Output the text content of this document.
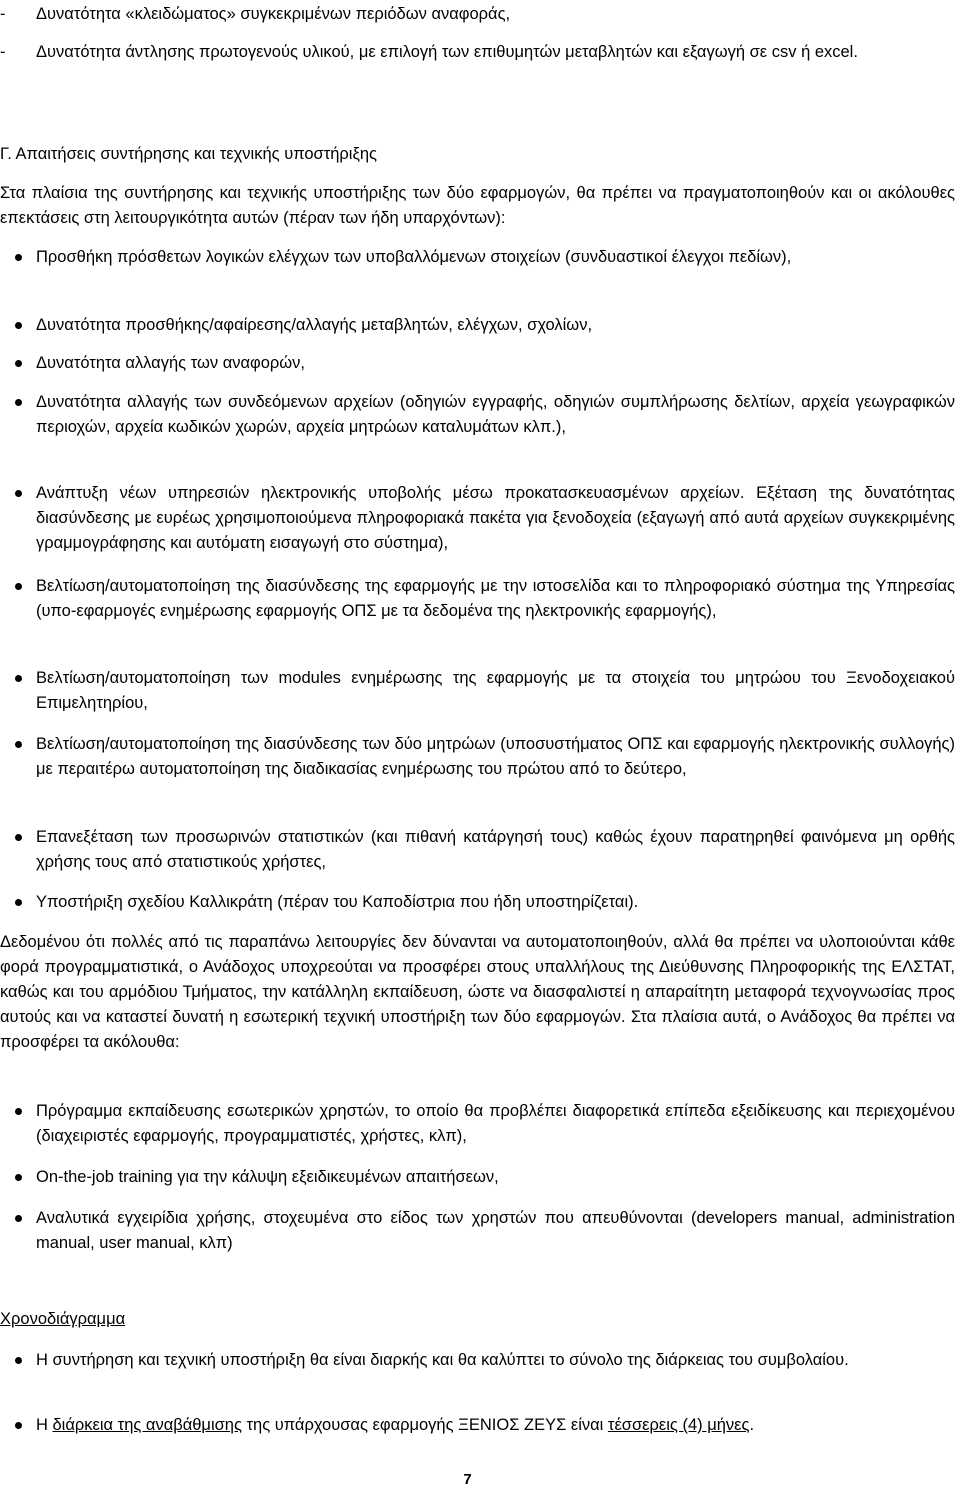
- Δυνατότητα «κλειδώματος» συγκεκριμένων περιόδων αναφοράς,
- Δυνατότητα άντλησης πρωτογενούς υλικού, με επιλογή των επιθυμητών μεταβλητών και εξαγωγή σε csv ή excel.
Γ. Απαιτήσεις συντήρησης και τεχνικής υποστήριξης
Στα πλαίσια της συντήρησης και τεχνικής υποστήριξης των δύο εφαρμογών, θα πρέπει να πραγματοποιηθούν και οι ακόλουθες επεκτάσεις στη λειτουργικότητα αυτών (πέραν των ήδη υπαρχόντων):
Προσθήκη πρόσθετων λογικών ελέγχων των υποβαλλόμενων στοιχείων (συνδυαστικοί έλεγχοι πεδίων),
Δυνατότητα προσθήκης/αφαίρεσης/αλλαγής μεταβλητών, ελέγχων, σχολίων,
Δυνατότητα αλλαγής των αναφορών,
Δυνατότητα αλλαγής των συνδεόμενων αρχείων (οδηγιών εγγραφής, οδηγιών συμπλήρωσης δελτίων, αρχεία γεωγραφικών περιοχών, αρχεία κωδικών χωρών, αρχεία μητρώων καταλυμάτων κλπ.),
Ανάπτυξη νέων υπηρεσιών ηλεκτρονικής υποβολής μέσω προκατασκευασμένων αρχείων. Εξέταση της δυνατότητας διασύνδεσης με ευρέως χρησιμοποιούμενα πληροφοριακά πακέτα για ξενοδοχεία (εξαγωγή από αυτά αρχείων συγκεκριμένης γραμμογράφησης και αυτόματη εισαγωγή στο σύστημα),
Βελτίωση/αυτοματοποίηση της διασύνδεσης της εφαρμογής με την ιστοσελίδα και το πληροφοριακό σύστημα της Υπηρεσίας (υπο-εφαρμογές ενημέρωσης εφαρμογής ΟΠΣ με τα δεδομένα της ηλεκτρονικής εφαρμογής),
Βελτίωση/αυτοματοποίηση των modules ενημέρωσης της εφαρμογής με τα στοιχεία του μητρώου του Ξενοδοχειακού Επιμελητηρίου,
Βελτίωση/αυτοματοποίηση της διασύνδεσης των δύο μητρώων (υποσυστήματος ΟΠΣ και εφαρμογής ηλεκτρονικής συλλογής) με περαιτέρω αυτοματοποίηση της διαδικασίας ενημέρωσης του πρώτου από το δεύτερο,
Επανεξέταση των προσωρινών στατιστικών (και πιθανή κατάργησή τους) καθώς έχουν παρατηρηθεί φαινόμενα μη ορθής χρήσης τους από στατιστικούς χρήστες,
Υποστήριξη σχεδίου Καλλικράτη (πέραν του Καποδίστρια που ήδη υποστηρίζεται).
Δεδομένου ότι πολλές από τις παραπάνω λειτουργίες δεν δύνανται να αυτοματοποιηθούν, αλλά θα πρέπει να υλοποιούνται κάθε φορά προγραμματιστικά, ο Ανάδοχος υποχρεούται να προσφέρει στους υπαλλήλους της Διεύθυνσης Πληροφορικής της ΕΛΣΤΑΤ, καθώς και του αρμόδιου Τμήματος, την κατάλληλη εκπαίδευση, ώστε να διασφαλιστεί η απαραίτητη μεταφορά τεχνογνωσίας προς αυτούς και να καταστεί δυνατή η εσωτερική τεχνική υποστήριξη των δύο εφαρμογών. Στα πλαίσια αυτά, ο Ανάδοχος θα πρέπει να προσφέρει τα ακόλουθα:
Πρόγραμμα εκπαίδευσης εσωτερικών χρηστών, το οποίο θα προβλέπει διαφορετικά επίπεδα εξειδίκευσης και περιεχομένου (διαχειριστές εφαρμογής, προγραμματιστές, χρήστες, κλπ),
On-the-job training για την κάλυψη εξειδικευμένων απαιτήσεων,
Αναλυτικά εγχειρίδια χρήσης, στοχευμένα στο είδος των χρηστών που απευθύνονται (developers manual, administration manual, user manual, κλπ)
Χρονοδιάγραμμα
Η συντήρηση και τεχνική υποστήριξη θα είναι διαρκής και θα καλύπτει το σύνολο της διάρκειας του συμβολαίου.
Η διάρκεια της αναβάθμισης της υπάρχουσας εφαρμογής ΞΕΝΙΟΣ ΖΕΥΣ είναι τέσσερεις (4) μήνες.
7
